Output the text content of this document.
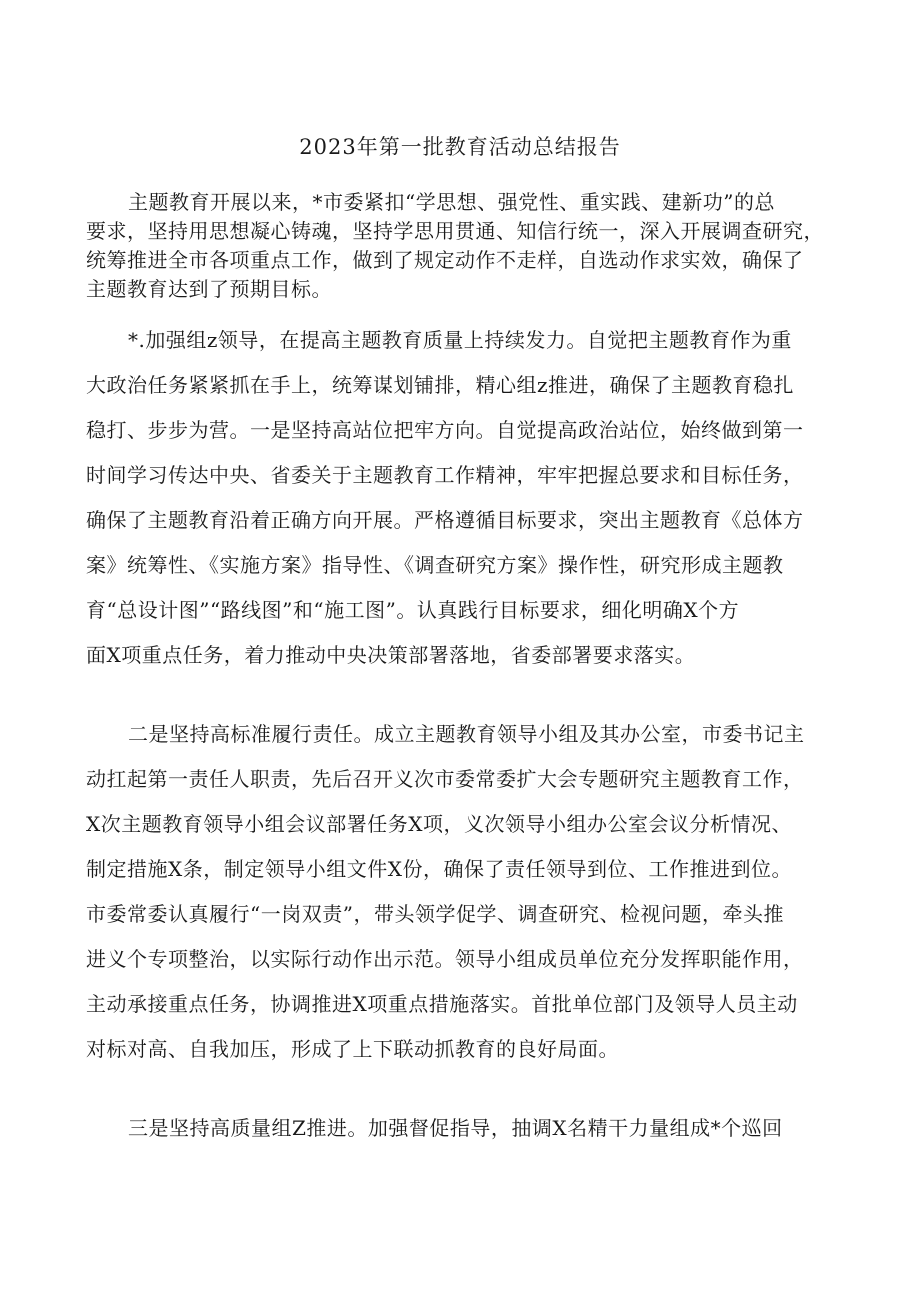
2023年第一批教育活动总结报告

主题教育开展以来，*市委紧扣“学思想、强党性、重实践、建新功”的总
要求，坚持用思想凝心铸魂，坚持学思用贯通、知信行统一，深入开展调查研究，
统筹推进全市各项重点工作，做到了规定动作不走样，自选动作求实效，确保了
主题教育达到了预期目标。

*.加强组z领导，在提高主题教育质量上持续发力。自觉把主题教育作为重
大政治任务紧紧抓在手上，统筹谋划铺排，精心组z推进，确保了主题教育稳扎
稳打、步步为营。一是坚持高站位把牢方向。自觉提高政治站位，始终做到第一
时间学习传达中央、省委关于主题教育工作精神，牢牢把握总要求和目标任务，
确保了主题教育沿着正确方向开展。严格遵循目标要求，突出主题教育《总体方
案》统筹性、《实施方案》指导性、《调查研究方案》操作性，研究形成主题教
育“总设计图”“路线图”和“施工图”。认真践行目标要求，细化明确X个方
面X项重点任务，着力推动中央决策部署落地，省委部署要求落实。

二是坚持高标准履行责任。成立主题教育领导小组及其办公室，市委书记主
动扛起第一责任人职责，先后召开义次市委常委扩大会专题研究主题教育工作，
X次主题教育领导小组会议部署任务X项，义次领导小组办公室会议分析情况、
制定措施X条，制定领导小组文件X份，确保了责任领导到位、工作推进到位。
市委常委认真履行“一岗双责”，带头领学促学、调查研究、检视问题，牵头推
进义个专项整治，以实际行动作出示范。领导小组成员单位充分发挥职能作用，
主动承接重点任务，协调推进X项重点措施落实。首批单位部门及领导人员主动
对标对高、自我加压，形成了上下联动抓教育的良好局面。

三是坚持高质量组Z推进。加强督促指导，抽调X名精干力量组成*个巡回
